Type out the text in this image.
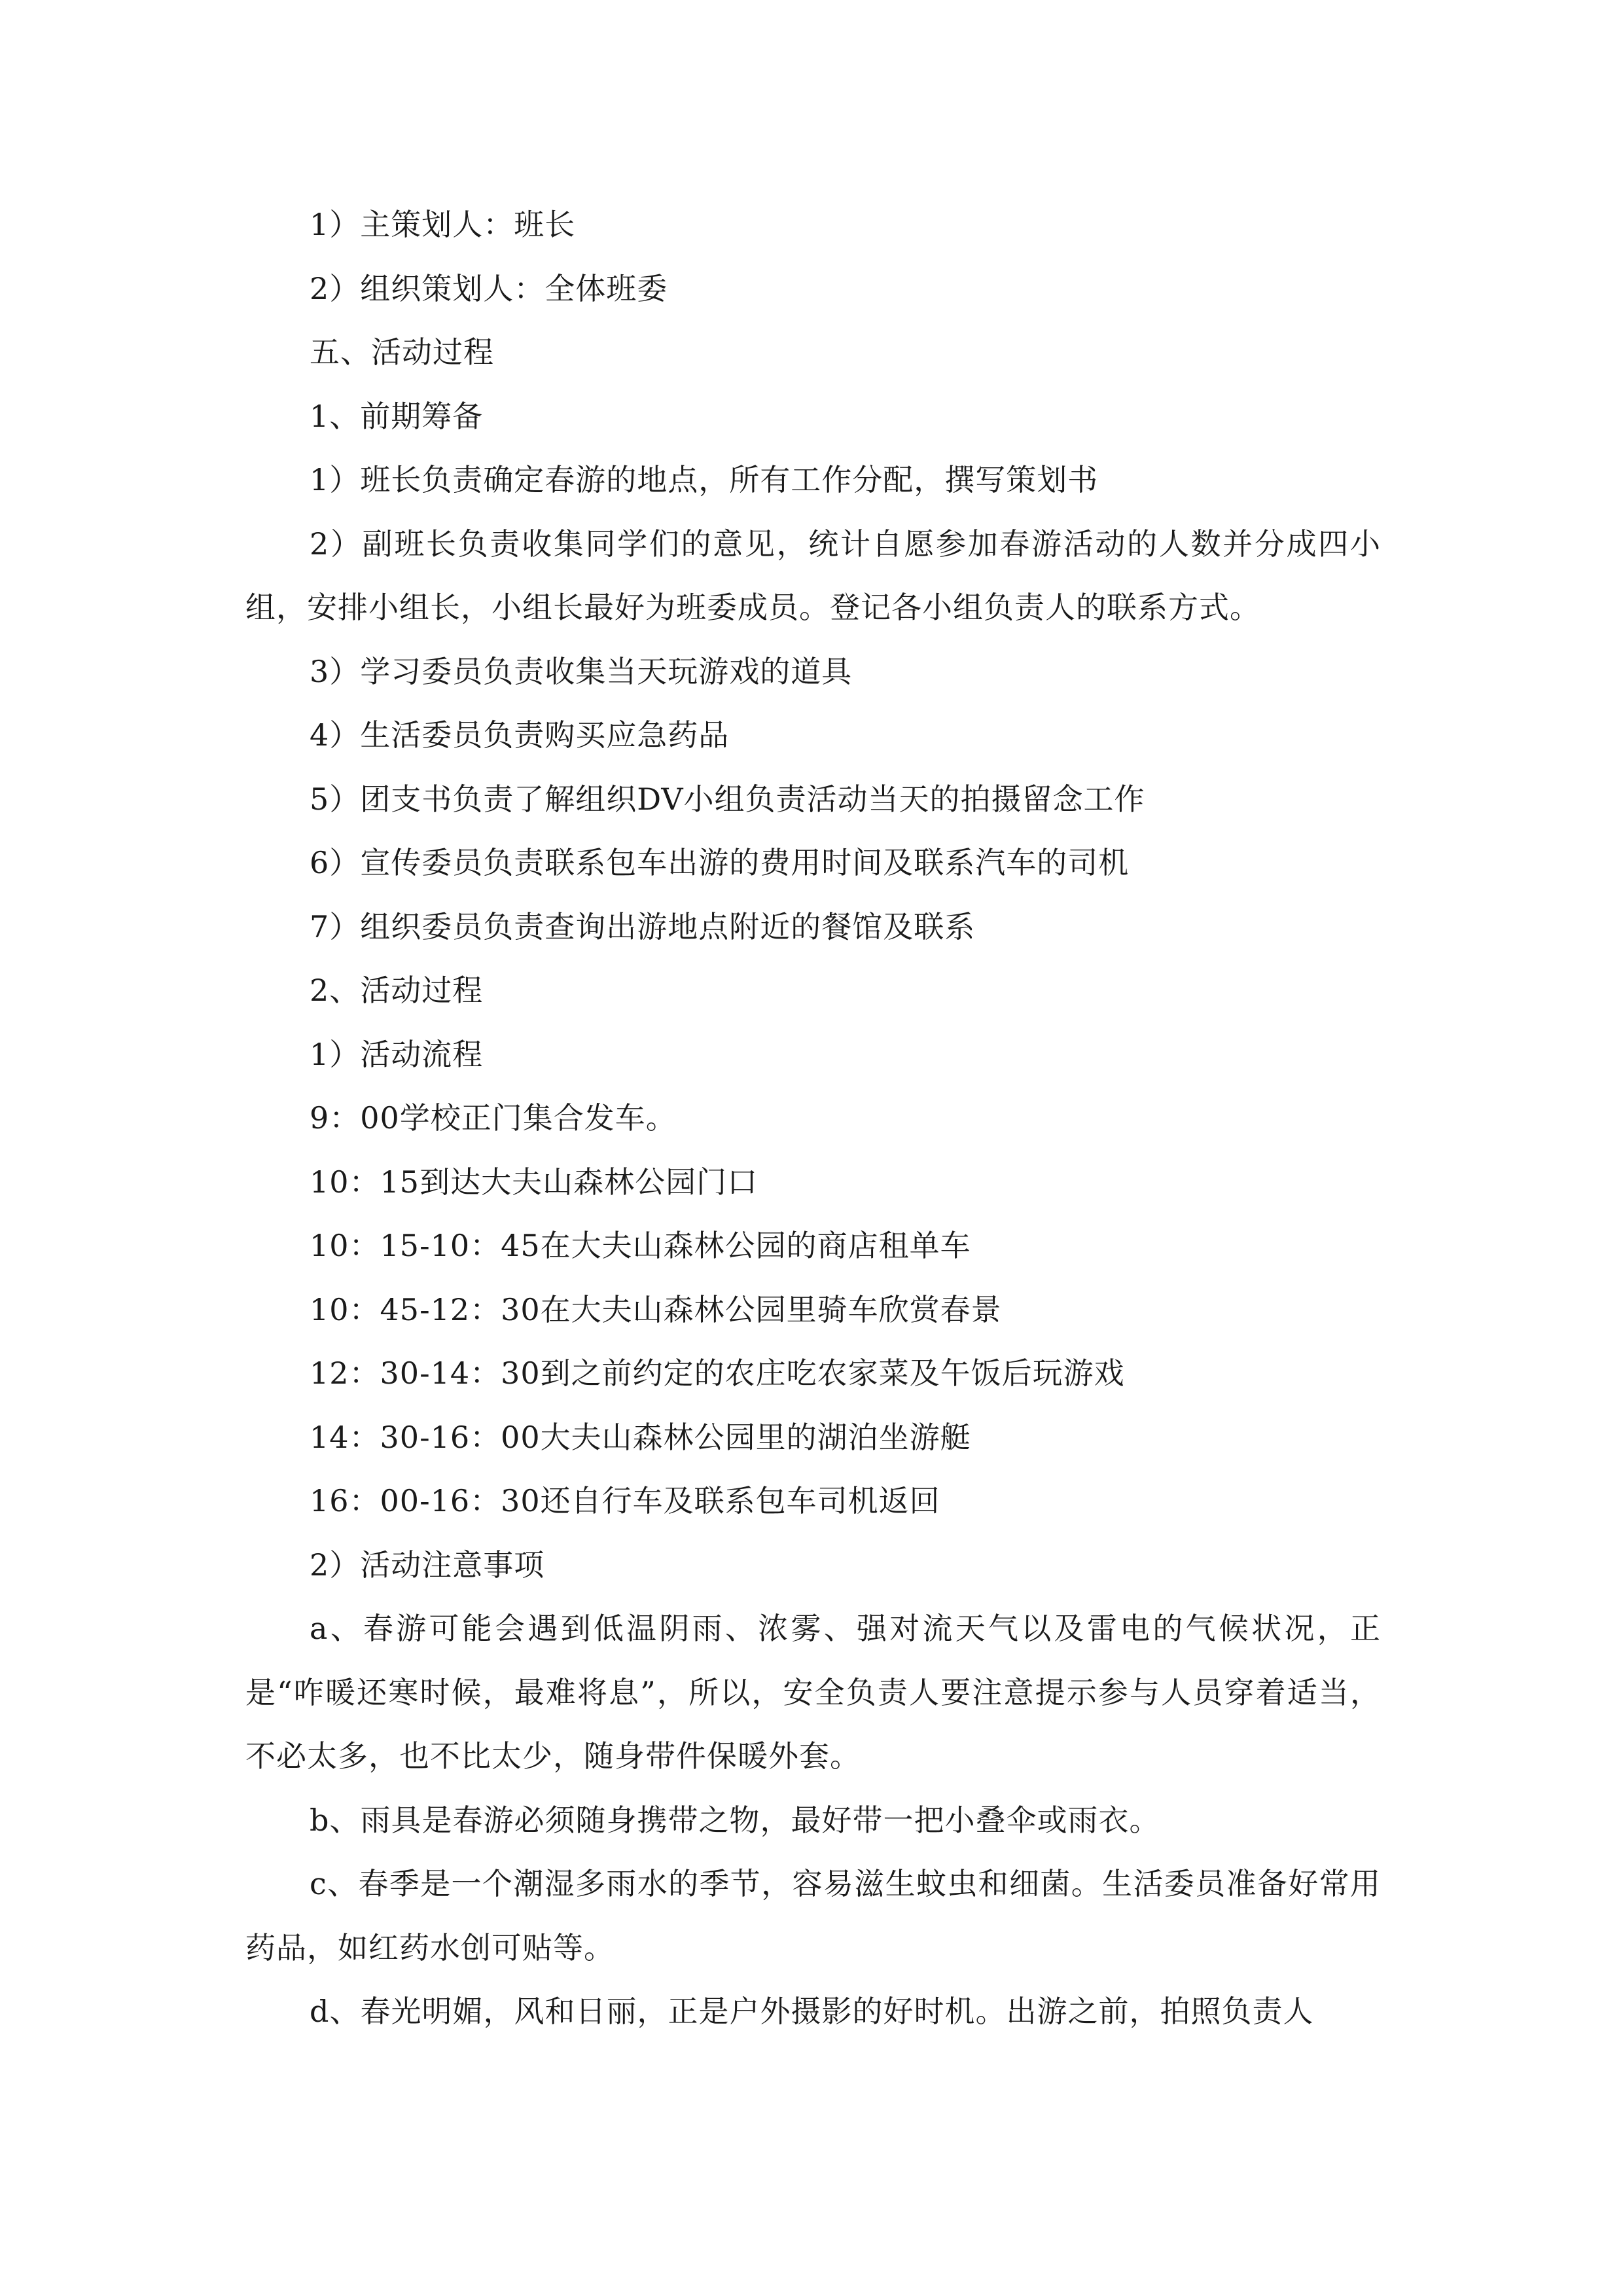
1）主策划人：班长

2）组织策划人：全体班委

五、活动过程

1、前期筹备

1）班长负责确定春游的地点，所有工作分配，撰写策划书

2）副班长负责收集同学们的意见，统计自愿参加春游活动的人数并分成四小组，安排小组长，小组长最好为班委成员。登记各小组负责人的联系方式。

3）学习委员负责收集当天玩游戏的道具

4）生活委员负责购买应急药品

5）团支书负责了解组织DV小组负责活动当天的拍摄留念工作

6）宣传委员负责联系包车出游的费用时间及联系汽车的司机

7）组织委员负责查询出游地点附近的餐馆及联系

2、活动过程

1）活动流程

9：00学校正门集合发车。

10：15到达大夫山森林公园门口

10：15-10：45在大夫山森林公园的商店租单车

10：45-12：30在大夫山森林公园里骑车欣赏春景

12：30-14：30到之前约定的农庄吃农家菜及午饭后玩游戏

14：30-16：00大夫山森林公园里的湖泊坐游艇

16：00-16：30还自行车及联系包车司机返回

2）活动注意事项

a、春游可能会遇到低温阴雨、浓雾、强对流天气以及雷电的气候状况，正是“咋暖还寒时候，最难将息”，所以，安全负责人要注意提示参与人员穿着适当，不必太多，也不比太少，随身带件保暖外套。

b、雨具是春游必须随身携带之物，最好带一把小叠伞或雨衣。

c、春季是一个潮湿多雨水的季节，容易滋生蚊虫和细菌。生活委员准备好常用药品，如红药水创可贴等。

d、春光明媚，风和日丽，正是户外摄影的好时机。出游之前，拍照负责人
